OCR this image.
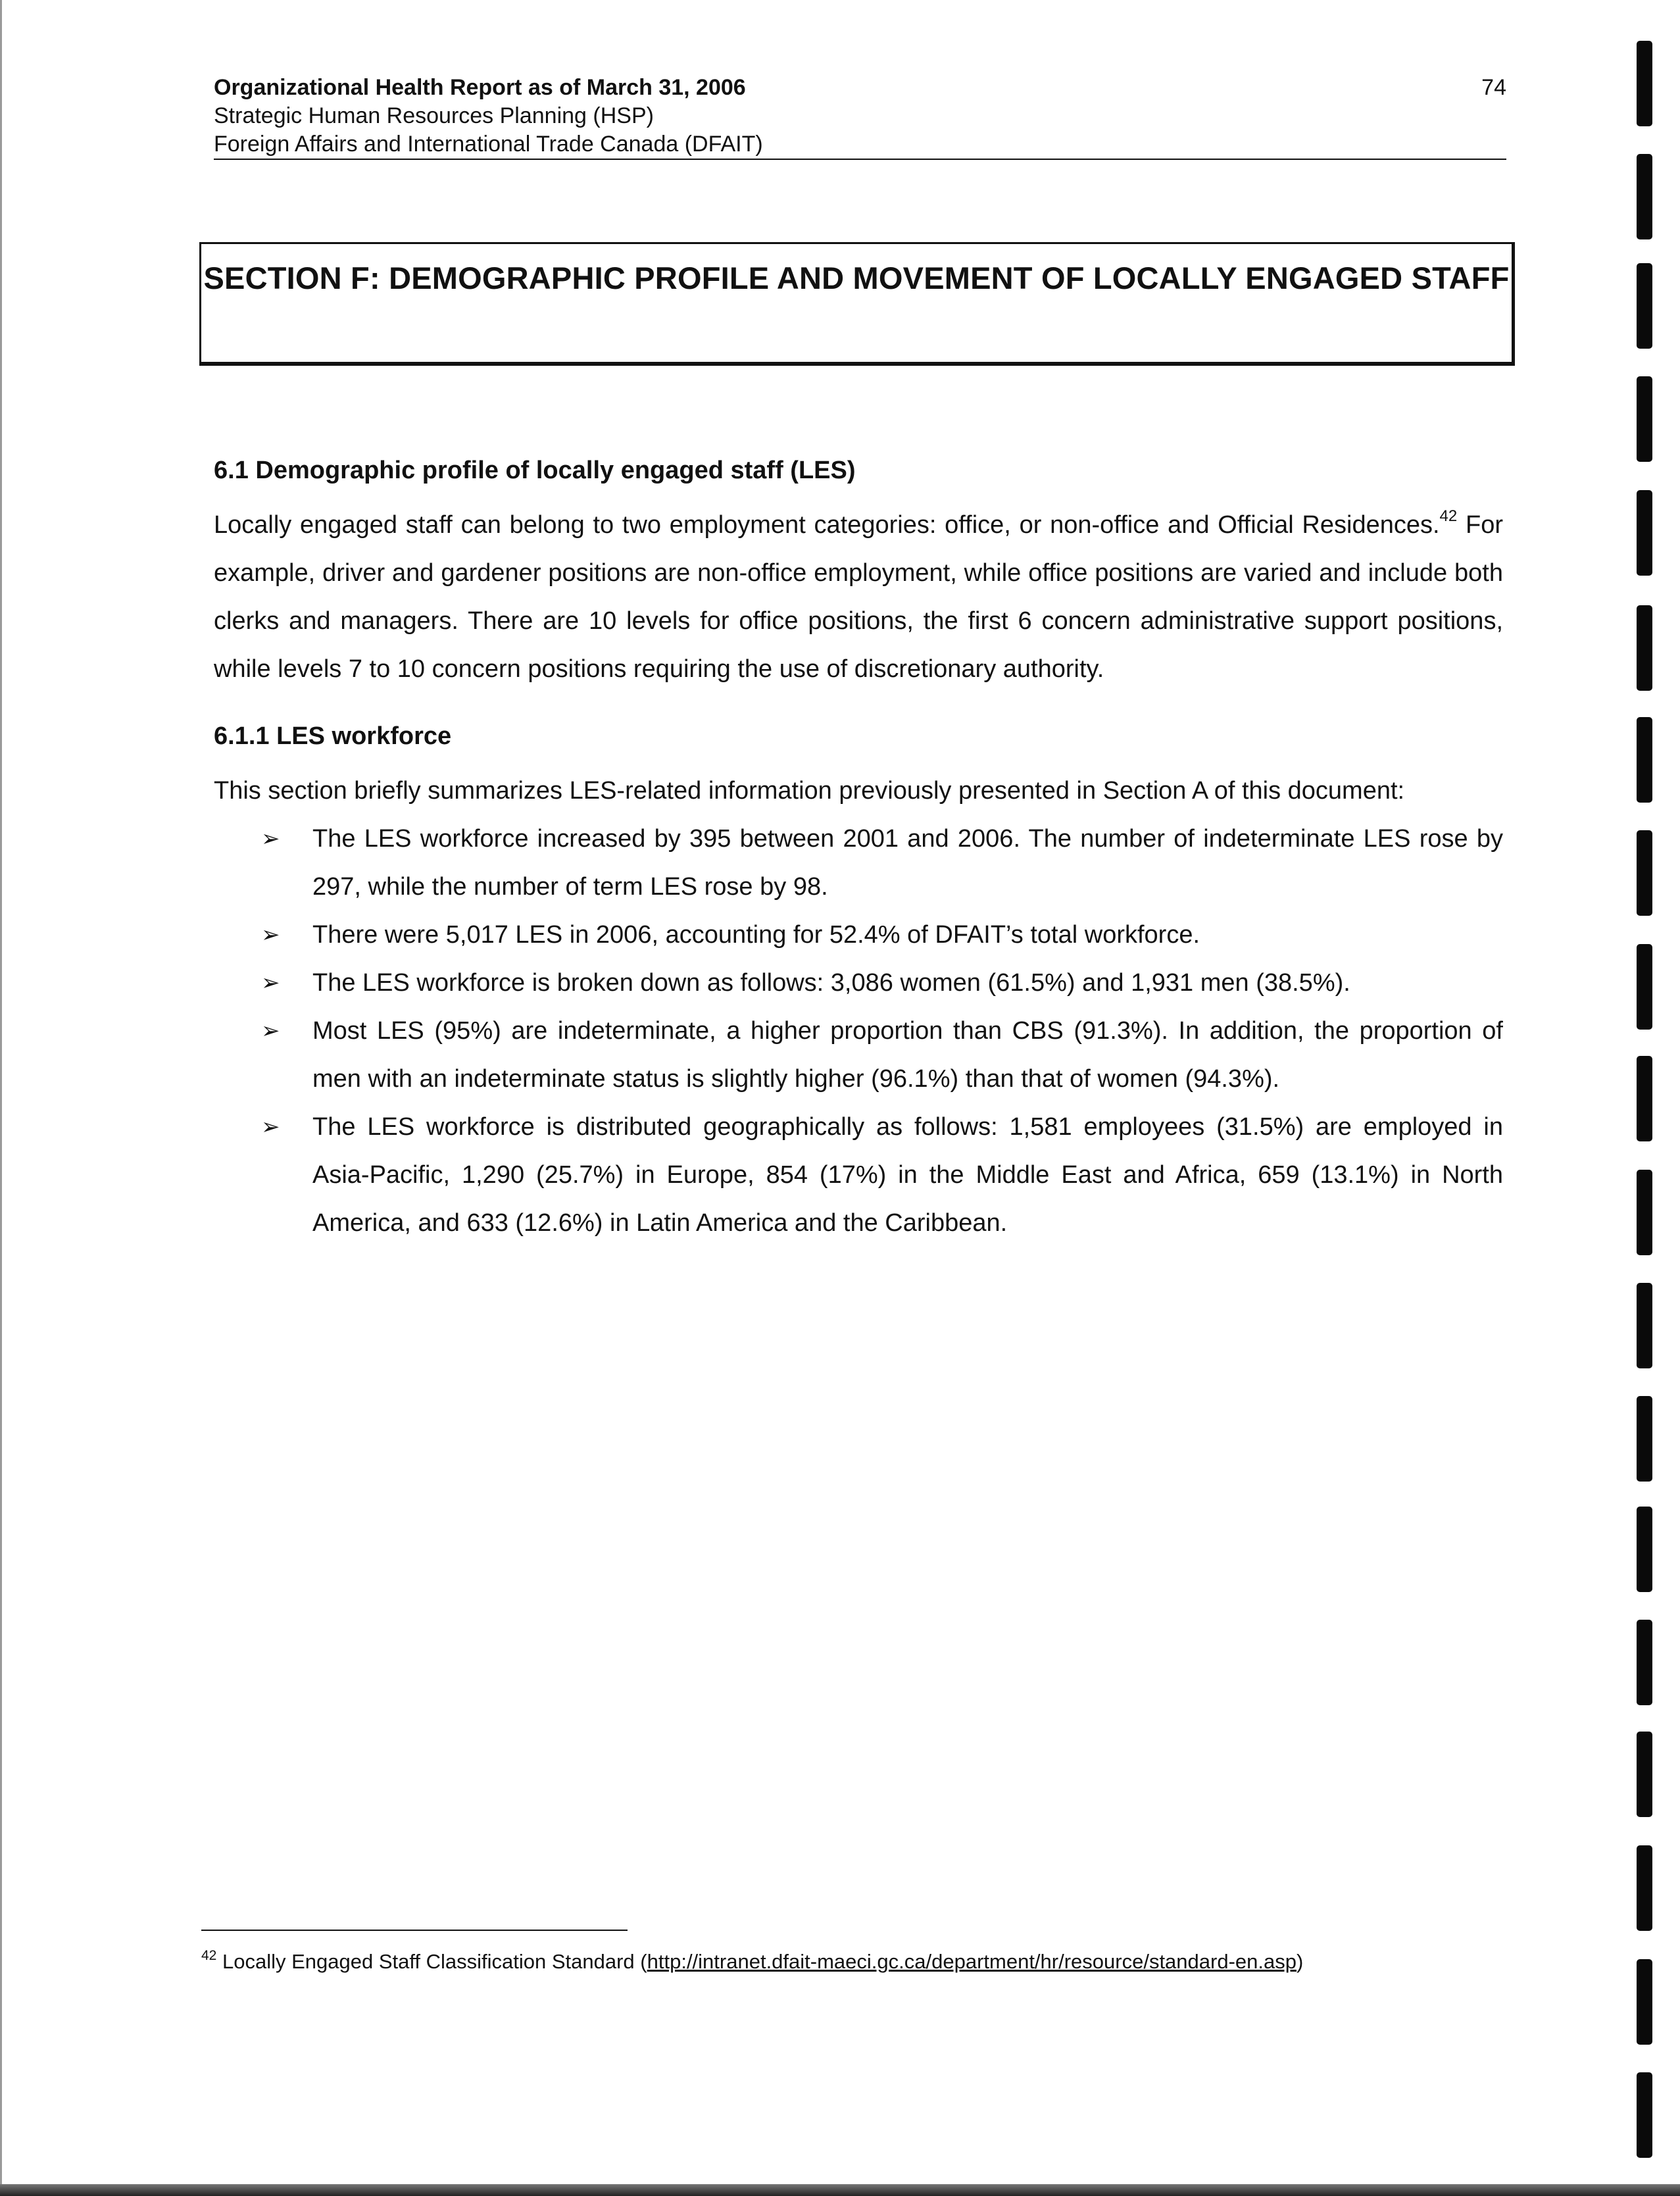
Organizational Health Report as of March 31, 2006
Strategic Human Resources Planning (HSP)
Foreign Affairs and International Trade Canada (DFAIT)
74
SECTION F: DEMOGRAPHIC PROFILE AND MOVEMENT OF LOCALLY ENGAGED STAFF
6.1 Demographic profile of locally engaged staff (LES)

Locally engaged staff can belong to two employment categories: office, or non-office and Official Residences.$^{42}$ For example, driver and gardener positions are non-office employment, while office positions are varied and include both clerks and managers. There are 10 levels for office positions, the first 6 concern administrative support positions, while levels 7 to 10 concern positions requiring the use of discretionary authority.

6.1.1 LES workforce

This section briefly summarizes LES-related information previously presented in Section A of this document:

➢ The LES workforce increased by 395 between 2001 and 2006. The number of indeterminate LES rose by 297, while the number of term LES rose by 98.
➢ There were 5,017 LES in 2006, accounting for 52.4% of DFAIT’s total workforce.
➢ The LES workforce is broken down as follows: 3,086 women (61.5%) and 1,931 men (38.5%).
➢ Most LES (95%) are indeterminate, a higher proportion than CBS (91.3%). In addition, the proportion of men with an indeterminate status is slightly higher (96.1%) than that of women (94.3%).
➢ The LES workforce is distributed geographically as follows: 1,581 employees (31.5%) are employed in Asia-Pacific, 1,290 (25.7%) in Europe, 854 (17%) in the Middle East and Africa, 659 (13.1%) in North America, and 633 (12.6%) in Latin America and the Caribbean.
$^{42}$ Locally Engaged Staff Classification Standard (http://intranet.dfait-maeci.gc.ca/department/hr/resource/standard-en.asp)
